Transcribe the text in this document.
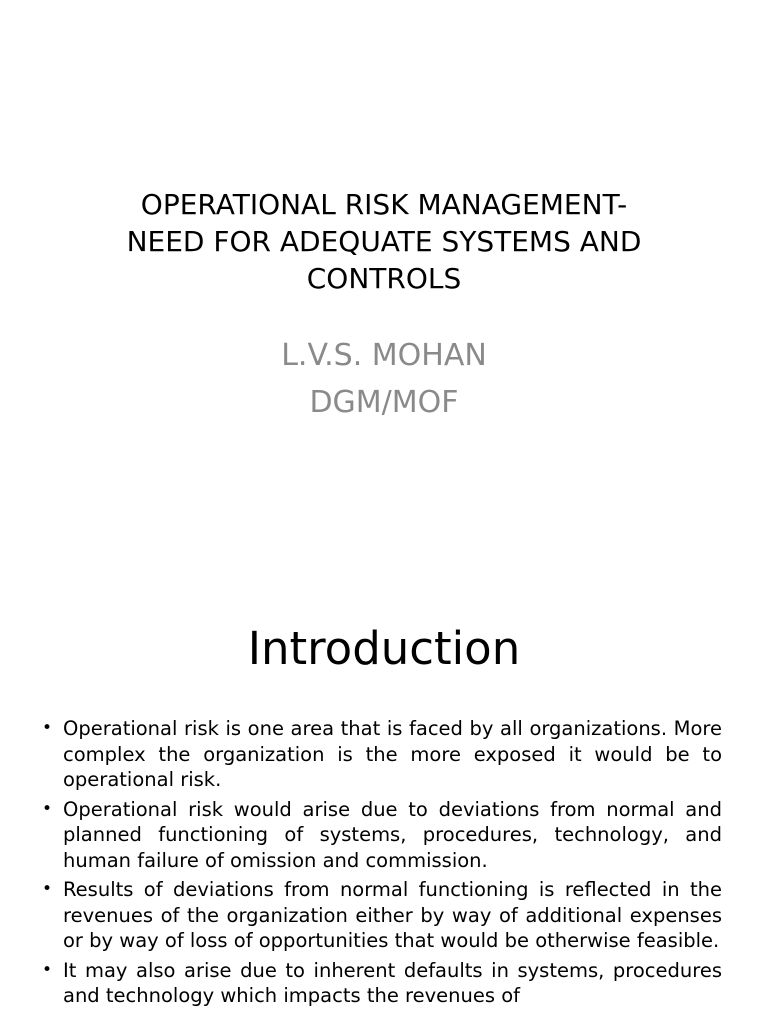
OPERATIONAL RISK MANAGEMENT-
NEED FOR ADEQUATE SYSTEMS AND
CONTROLS
L.V.S. MOHAN
DGM/MOF
Introduction
• Operational risk is one area that is faced by all organizations. More complex the organization is the more exposed it would be to operational risk.
• Operational risk would arise due to deviations from normal and planned functioning of systems, procedures, technology, and human failure of omission and commission.
• Results of deviations from normal functioning is reflected in the revenues of the organization either by way of additional expenses or by way of loss of opportunities that would be otherwise feasible.
• It may also arise due to inherent defaults in systems, procedures and technology which impacts the revenues of
